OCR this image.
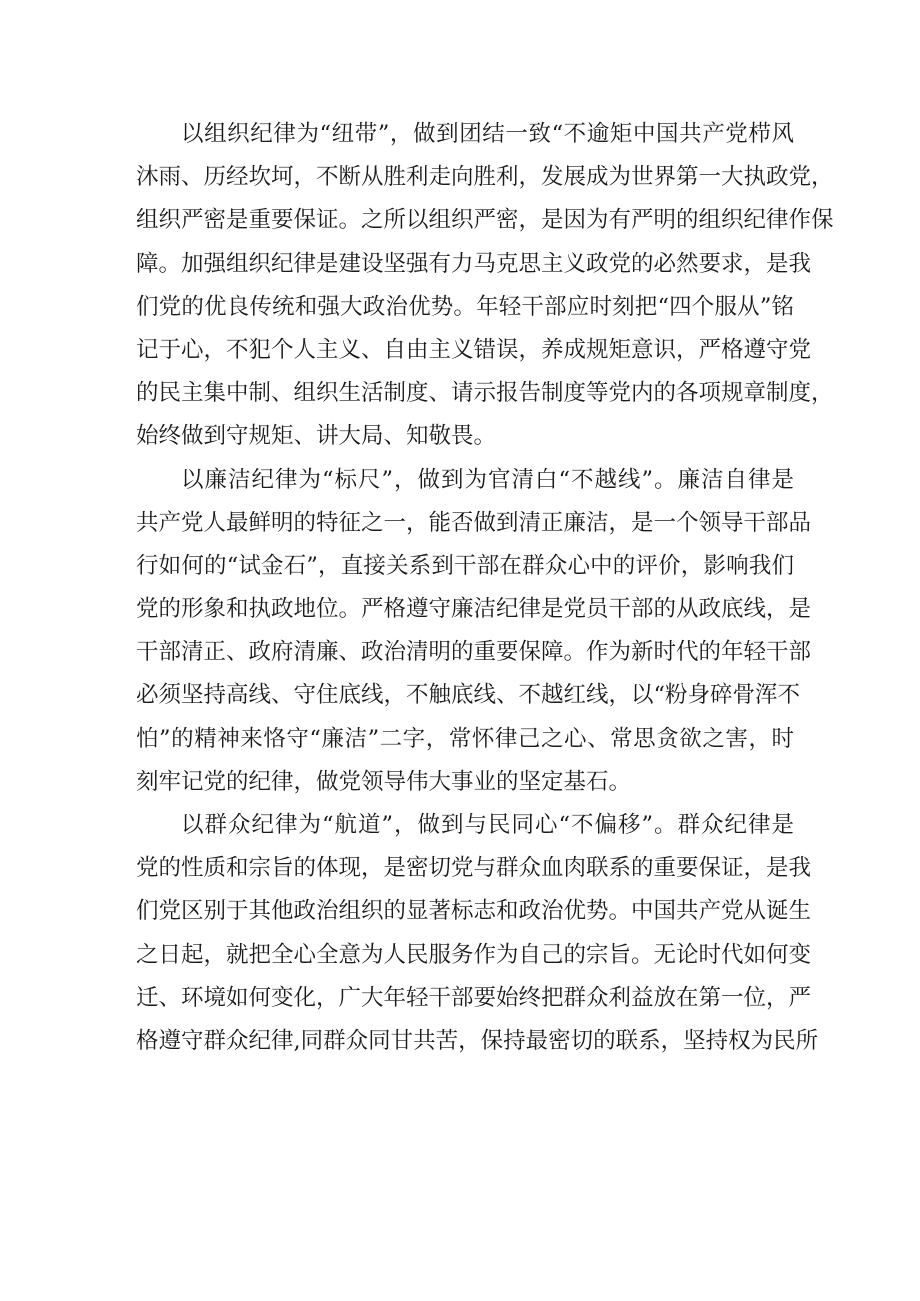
以组织纪律为“纽带”，做到团结一致“不逾矩中国共产党栉风
沐雨、历经坎坷，不断从胜利走向胜利，发展成为世界第一大执政党，
组织严密是重要保证。之所以组织严密，是因为有严明的组织纪律作保
障。加强组织纪律是建设坚强有力马克思主义政党的必然要求，是我
们党的优良传统和强大政治优势。年轻干部应时刻把“四个服从”铭
记于心，不犯个人主义、自由主义错误，养成规矩意识，严格遵守党
的民主集中制、组织生活制度、请示报告制度等党内的各项规章制度，
始终做到守规矩、讲大局、知敬畏。
以廉洁纪律为“标尺”，做到为官清白“不越线”。廉洁自律是
共产党人最鲜明的特征之一，能否做到清正廉洁，是一个领导干部品
行如何的“试金石”，直接关系到干部在群众心中的评价，影响我们
党的形象和执政地位。严格遵守廉洁纪律是党员干部的从政底线，是
干部清正、政府清廉、政治清明的重要保障。作为新时代的年轻干部
必须坚持高线、守住底线，不触底线、不越红线，以“粉身碎骨浑不
怕”的精神来恪守“廉洁”二字，常怀律己之心、常思贪欲之害，时
刻牢记党的纪律，做党领导伟大事业的坚定基石。
以群众纪律为“航道”，做到与民同心“不偏移”。群众纪律是
党的性质和宗旨的体现，是密切党与群众血肉联系的重要保证，是我
们党区别于其他政治组织的显著标志和政治优势。中国共产党从诞生
之日起，就把全心全意为人民服务作为自己的宗旨。无论时代如何变
迁、环境如何变化，广大年轻干部要始终把群众利益放在第一位，严
格遵守群众纪律,同群众同甘共苦，保持最密切的联系，坚持权为民所
